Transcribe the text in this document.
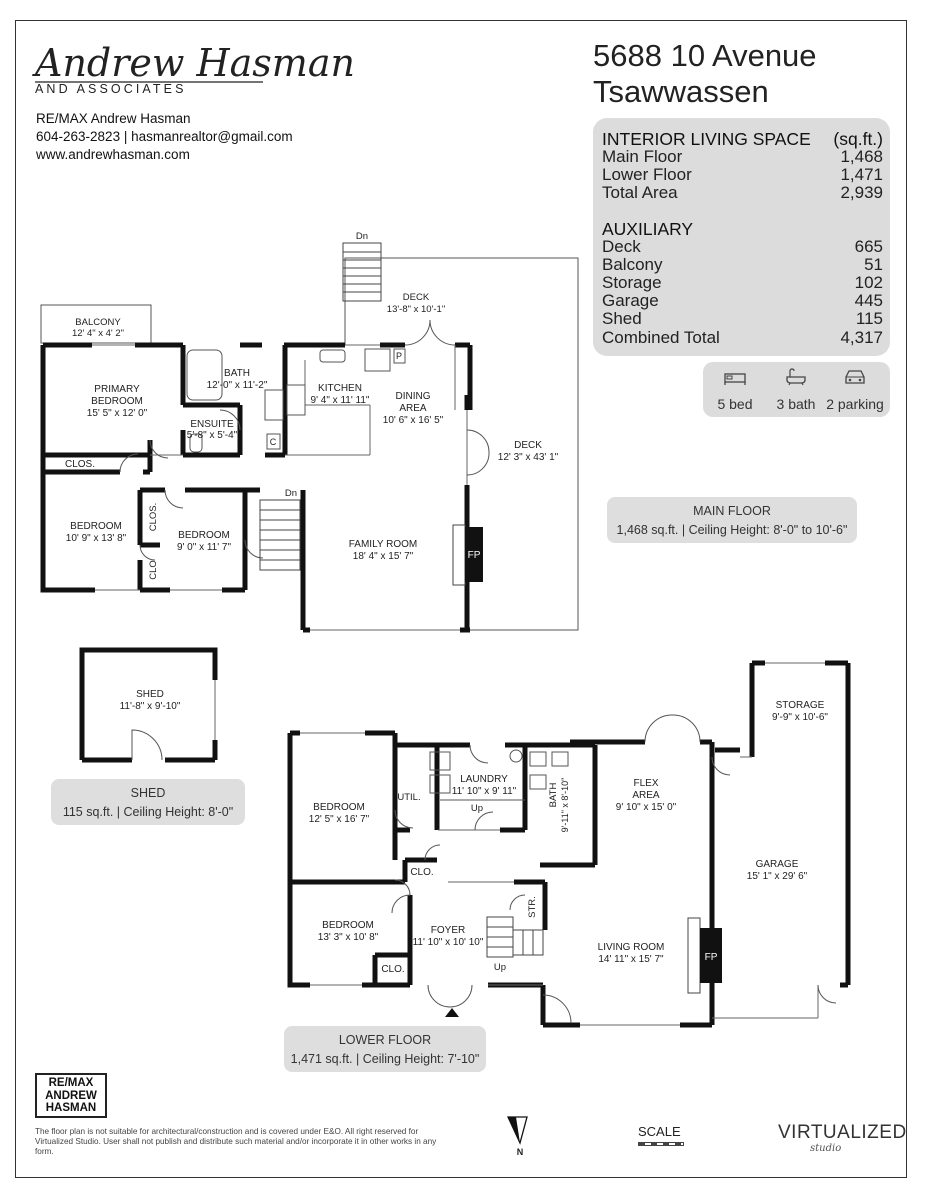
Andrew Hasman
AND ASSOCIATES
RE/MAX Andrew Hasman
604-263-2823 | hasmanrealtor@gmail.com
www.andrewhasman.com
5688 10 Avenue
Tsawwassen
INTERIOR LIVING SPACE (sq.ft.)
Main Floor	1,468
Lower Floor	1,471
Total Area	2,939
AUXILIARY
Deck	665
Balcony	51
Storage	102
Garage	445
Shed	115
Combined Total	4,317
5 bed	3 bath 2 parking
MAIN FLOOR
1,468 sq.ft. | Ceiling Height: 8'-0" to 10'-6"
SHED
115 sq.ft. | Ceiling Height: 8'-0"
LOWER FLOOR
1,471 sq.ft. | Ceiling Height: 7'-10"
BALCONY
12' 4" x 4' 2"
Dn
DECK
13'-8" x 10'-1"
PRIMARY
BEDROOM
15' 5" x 12' 0"
BATH
12'-0" x 11'-2"
ENSUITE
5'-8" x 5'-4"
KITCHEN
9' 4" x 11' 11"	DINING
AREA
10' 6" x 16' 5"
P
C	DECK
12' 3" x 43' 1"
CLOS.
BEDROOM
10' 9" x 13' 8"
CLOS.
CLO
BEDROOM
9' 0" x 11' 7"
Dn
FAMILY ROOM
18' 4" x 15' 7"	FP
SHED
11'-8" x 9'-10"
BEDROOM
12' 5" x 16' 7"
UTIL.
LAUNDRY
11' 10" x 9' 11"
Up
BATH 9'-11" x 8'-10"	FLEX
AREA
9' 10" x 15' 0"
STORAGE
9'-9" x 10'-6"
GARAGE
15' 1" x 29' 6"
CLO.
BEDROOM
13' 3" x 10' 8"
CLO.
FOYER
11' 10" x 10' 10"
STR.
Up
LIVING ROOM
14' 11" x 15' 7"	FP
N
RE/MAX
ANDREW
HASMAN
The floor plan is not suitable for architectural/construction and is covered under E&O. All right reserved for Virtualized Studio. User shall not publish and distribute such material and/or incorporate it in other works in any form.
SCALE	VIRTUALIZED
studio
